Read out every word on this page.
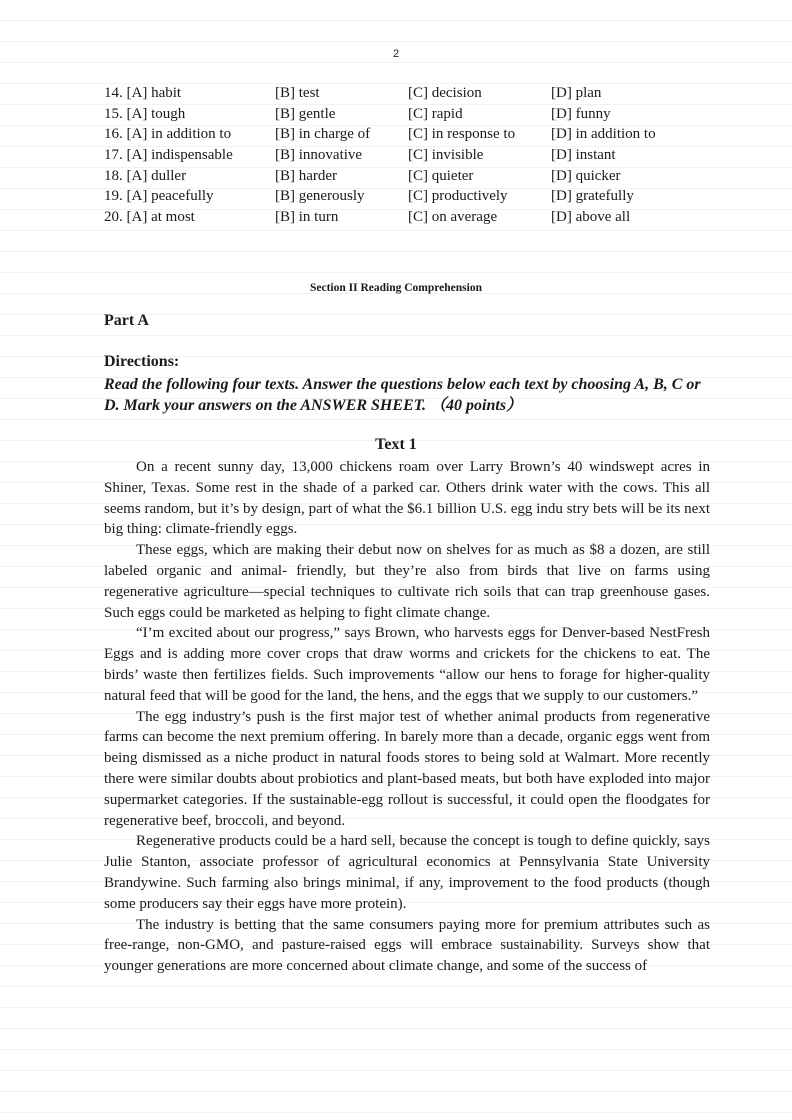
2
14. [A] habit	[B] test	[C] decision	[D] plan
15. [A] tough	[B] gentle	[C] rapid	[D] funny
16. [A] in addition to	[B] in charge of	[C] in response to	[D] in addition to
17. [A] indispensable	[B] innovative	[C] invisible	[D] instant
18. [A] duller	[B] harder	[C] quieter	[D] quicker
19. [A] peacefully	[B] generously	[C] productively	[D] gratefully
20. [A] at most	[B] in turn	[C] on average	[D] above all
Section II Reading Comprehension
Part A
Directions:
Read the following four texts. Answer the questions below each text by choosing A, B, C or D. Mark your answers on the ANSWER SHEET. （40 points）
Text 1

On a recent sunny day, 13,000 chickens roam over Larry Brown’s 40 windswept acres in Shiner, Texas. Some rest in the shade of a parked car. Others drink water with the cows. This all seems random, but it’s by design, part of what the $6.1 billion U.S. egg indu stry bets will be its next big thing: climate-friendly eggs.

These eggs, which are making their debut now on shelves for as much as $8 a dozen, are still labeled organic and animal- friendly, but they’re also from birds that live on farms using regenerative agriculture—special techniques to cultivate rich soils that can trap greenhouse gases. Such eggs could be marketed as helping to fight climate change.

“I’m excited about our progress,” says Brown, who harvests eggs for Denver-based NestFresh Eggs and is adding more cover crops that draw worms and crickets for the chickens to eat. The birds’ waste then fertilizes fields. Such improvements “allow our hens to forage for higher-quality natural feed that will be good for the land, the hens, and the eggs that we supply to our customers.”

The egg industry’s push is the first major test of whether animal products from regenerative farms can become the next premium offering. In barely more than a decade, organic eggs went from being dismissed as a niche product in natural foods stores to being sold at Walmart. More recently there were similar doubts about probiotics and plant-based meats, but both have exploded into major supermarket categories. If the sustainable-egg rollout is successful, it could open the floodgates for regenerative beef, broccoli, and beyond.

Regenerative products could be a hard sell, because the concept is tough to define quickly, says Julie Stanton, associate professor of agricultural economics at Pennsylvania State University Brandywine. Such farming also brings minimal, if any, improvement to the food products (though some producers say their eggs have more protein).

The industry is betting that the same consumers paying more for premium attributes such as free-range, non-GMO, and pasture-raised eggs will embrace sustainability. Surveys show that younger generations are more concerned about climate change, and some of the success of
